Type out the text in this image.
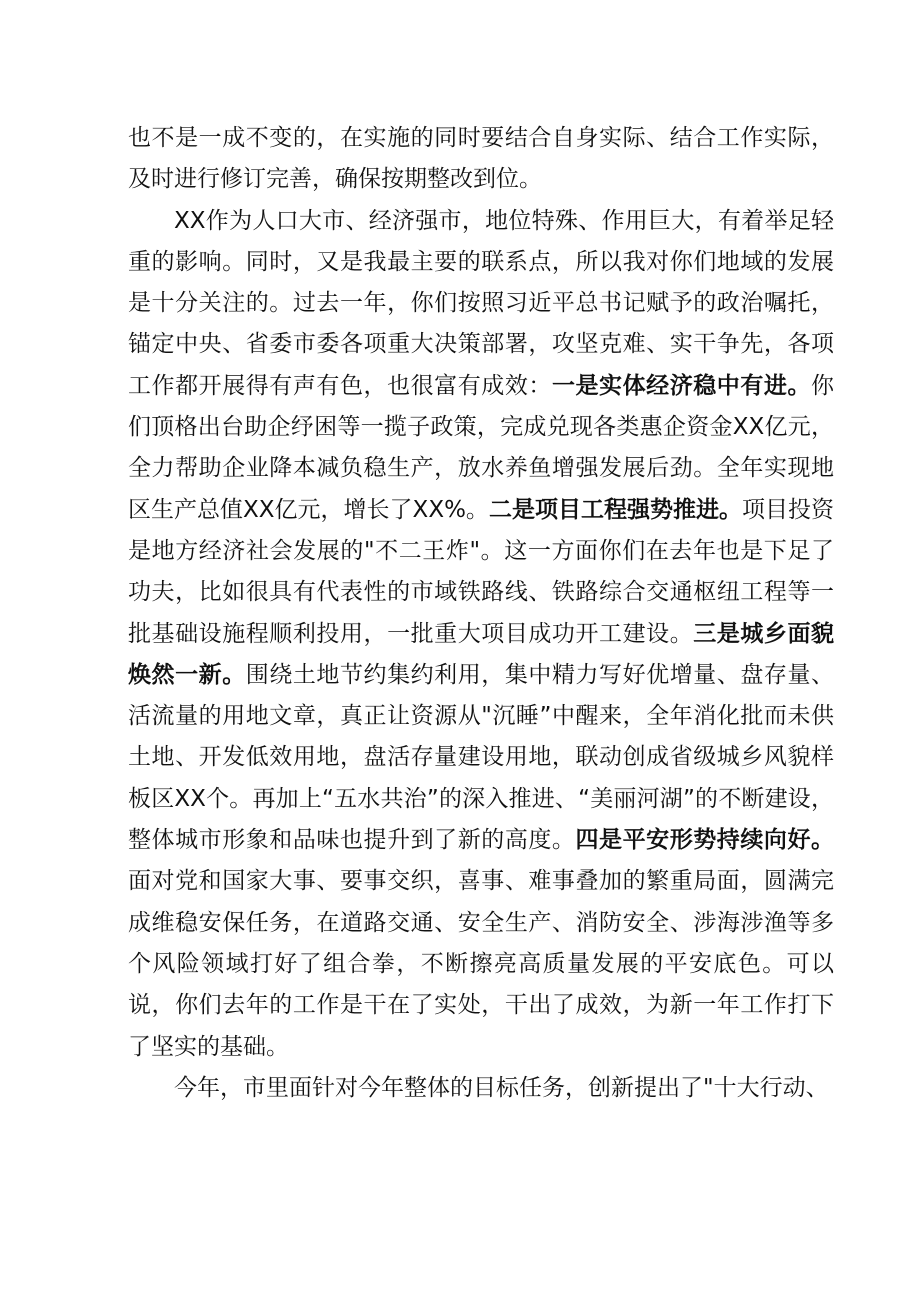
也不是一成不变的，在实施的同时要结合自身实际、结合工作实际，及时进行修订完善，确保按期整改到位。

XX作为人口大市、经济强市，地位特殊、作用巨大，有着举足轻重的影响。同时，又是我最主要的联系点，所以我对你们地域的发展是十分关注的。过去一年，你们按照习近平总书记赋予的政治嘱托，锚定中央、省委市委各项重大决策部署，攻坚克难、实干争先，各项工作都开展得有声有色，也很富有成效：一是实体经济稳中有进。你们顶格出台助企纾困等一揽子政策，完成兑现各类惠企资金XX亿元，全力帮助企业降本减负稳生产，放水养鱼增强发展后劲。全年实现地区生产总值XX亿元，增长了XX%。二是项目工程强势推进。项目投资是地方经济社会发展的"不二王炸"。这一方面你们在去年也是下足了功夫，比如很具有代表性的市域铁路线、铁路综合交通枢纽工程等一批基础设施程顺利投用，一批重大项目成功开工建设。三是城乡面貌焕然一新。围绕土地节约集约利用，集中精力写好优增量、盘存量、活流量的用地文章，真正让资源从"沉睡”中醒来，全年消化批而未供土地、开发低效用地，盘活存量建设用地，联动创成省级城乡风貌样板区XX个。再加上“五水共治”的深入推进、“美丽河湖”的不断建设，整体城市形象和品味也提升到了新的高度。四是平安形势持续向好。面对党和国家大事、要事交织，喜事、难事叠加的繁重局面，圆满完成维稳安保任务，在道路交通、安全生产、消防安全、涉海涉渔等多个风险领域打好了组合拳，不断擦亮高质量发展的平安底色。可以说，你们去年的工作是干在了实处，干出了成效，为新一年工作打下了坚实的基础。

今年，市里面针对今年整体的目标任务，创新提出了"十大行动、
